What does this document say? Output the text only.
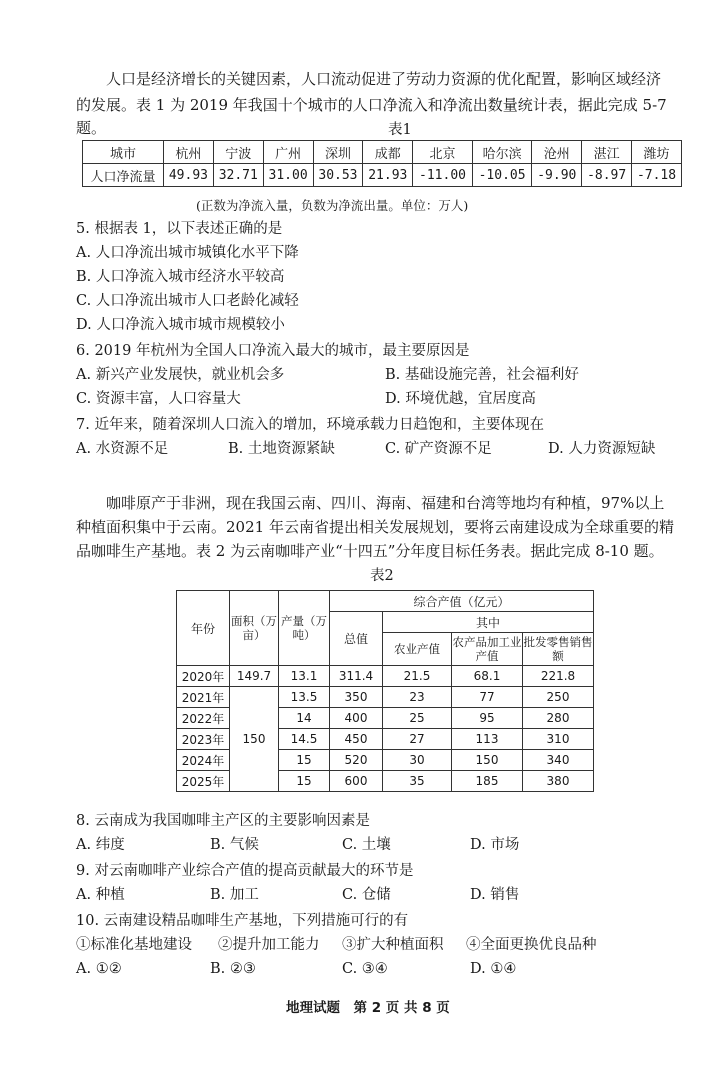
人口是经济增长的关键因素，人口流动促进了劳动力资源的优化配置，影响区域经济
的发展。表 1 为 2019 年我国十个城市的人口净流入和净流出数量统计表，据此完成 5-7
题。	表1
城市	杭州	宁波	广州	深圳	成都	北京	哈尔滨	沧州	湛江	潍坊
人口净流量	49.93	32.71	31.00	30.53	21.93	-11.00	-10.05	-9.90	-8.97	-7.18
(正数为净流入量，负数为净流出量。单位：万人)
5. 根据表 1，以下表述正确的是
A. 人口净流出城市城镇化水平下降
B. 人口净流入城市经济水平较高
C. 人口净流出城市人口老龄化减轻
D. 人口净流入城市城市规模较小
6. 2019 年杭州为全国人口净流入最大的城市，最主要原因是
A. 新兴产业发展快，就业机会多	B. 基础设施完善，社会福利好
C. 资源丰富，人口容量大	D. 环境优越，宜居度高
7. 近年来，随着深圳人口流入的增加，环境承载力日趋饱和，主要体现在
A. 水资源不足	B. 土地资源紧缺	C. 矿产资源不足	D. 人力资源短缺
咖啡原产于非洲，现在我国云南、四川、海南、福建和台湾等地均有种植，97%以上
种植面积集中于云南。2021 年云南省提出相关发展规划，要将云南建设成为全球重要的精
品咖啡生产基地。表 2 为云南咖啡产业“十四五”分年度目标任务表。据此完成 8-10 题。
表2
年份	面积（万亩）	产量（万吨）	综合产值（亿元）			
			总值	其中		
				农业产值	农产品加工业产值	批发零售销售额
2020年	149.7	13.1	311.4	21.5	68.1	221.8
2021年	150	13.5	350	23	77	250
2022年		14	400	25	95	280
2023年		14.5	450	27	113	310
2024年		15	520	30	150	340
2025年		15	600	35	185	380
8. 云南成为我国咖啡主产区的主要影响因素是
A. 纬度	B. 气候	C. 土壤	D. 市场
9. 对云南咖啡产业综合产值的提高贡献最大的环节是
A. 种植	B. 加工	C. 仓储	D. 销售
10. 云南建设精品咖啡生产基地，下列措施可行的有
①标准化基地建设 ②提升加工能力 ③扩大种植面积 ④全面更换优良品种
A. ①②	B. ②③	C. ③④	D. ①④
地理试题　第 2 页 共 8 页
